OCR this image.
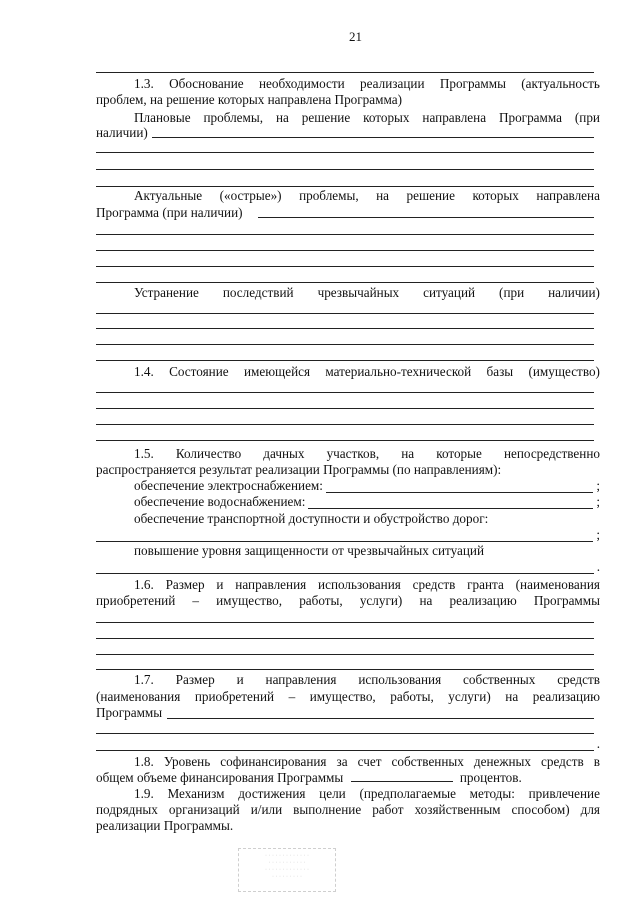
21
1.3. Обоснование необходимости реализации Программы (актуальность
проблем, на решение которых направлена Программа)
Плановые проблемы, на решение которых направлена Программа (при
наличии)
Актуальные («острые») проблемы, на решение которых направлена
Программа (при наличии)
Устранение последствий чрезвычайных ситуаций (при наличии)
1.4. Состояние имеющейся материально-технической базы (имущество)
1.5. Количество дачных участков, на которые непосредственно
распространяется результат реализации Программы (по направлениям):
обеспечение электроснабжением:	;
обеспечение водоснабжением:	;
обеспечение транспортной доступности и обустройство дорог:
;
повышение уровня защищенности от чрезвычайных ситуаций
.
1.6. Размер и направления использования средств гранта (наименования
приобретений – имущество, работы, услуги) на реализацию Программы
1.7. Размер и направления использования собственных средств
(наименования приобретений – имущество, работы, услуги) на реализацию
Программы
.
1.8. Уровень софинансирования за счет собственных денежных средств в
общем объеме финансирования Программы	процентов.
1.9. Механизм достижения цели (предполагаемые методы: привлечение
подрядных организаций и/или выполнение работ хозяйственным способом) для
реализации Программы.
· · · · · · · · · · · · ·
· · · · · · · · · · ·
· · · · · · · · · · · · ·
· · · · · · · · ·
